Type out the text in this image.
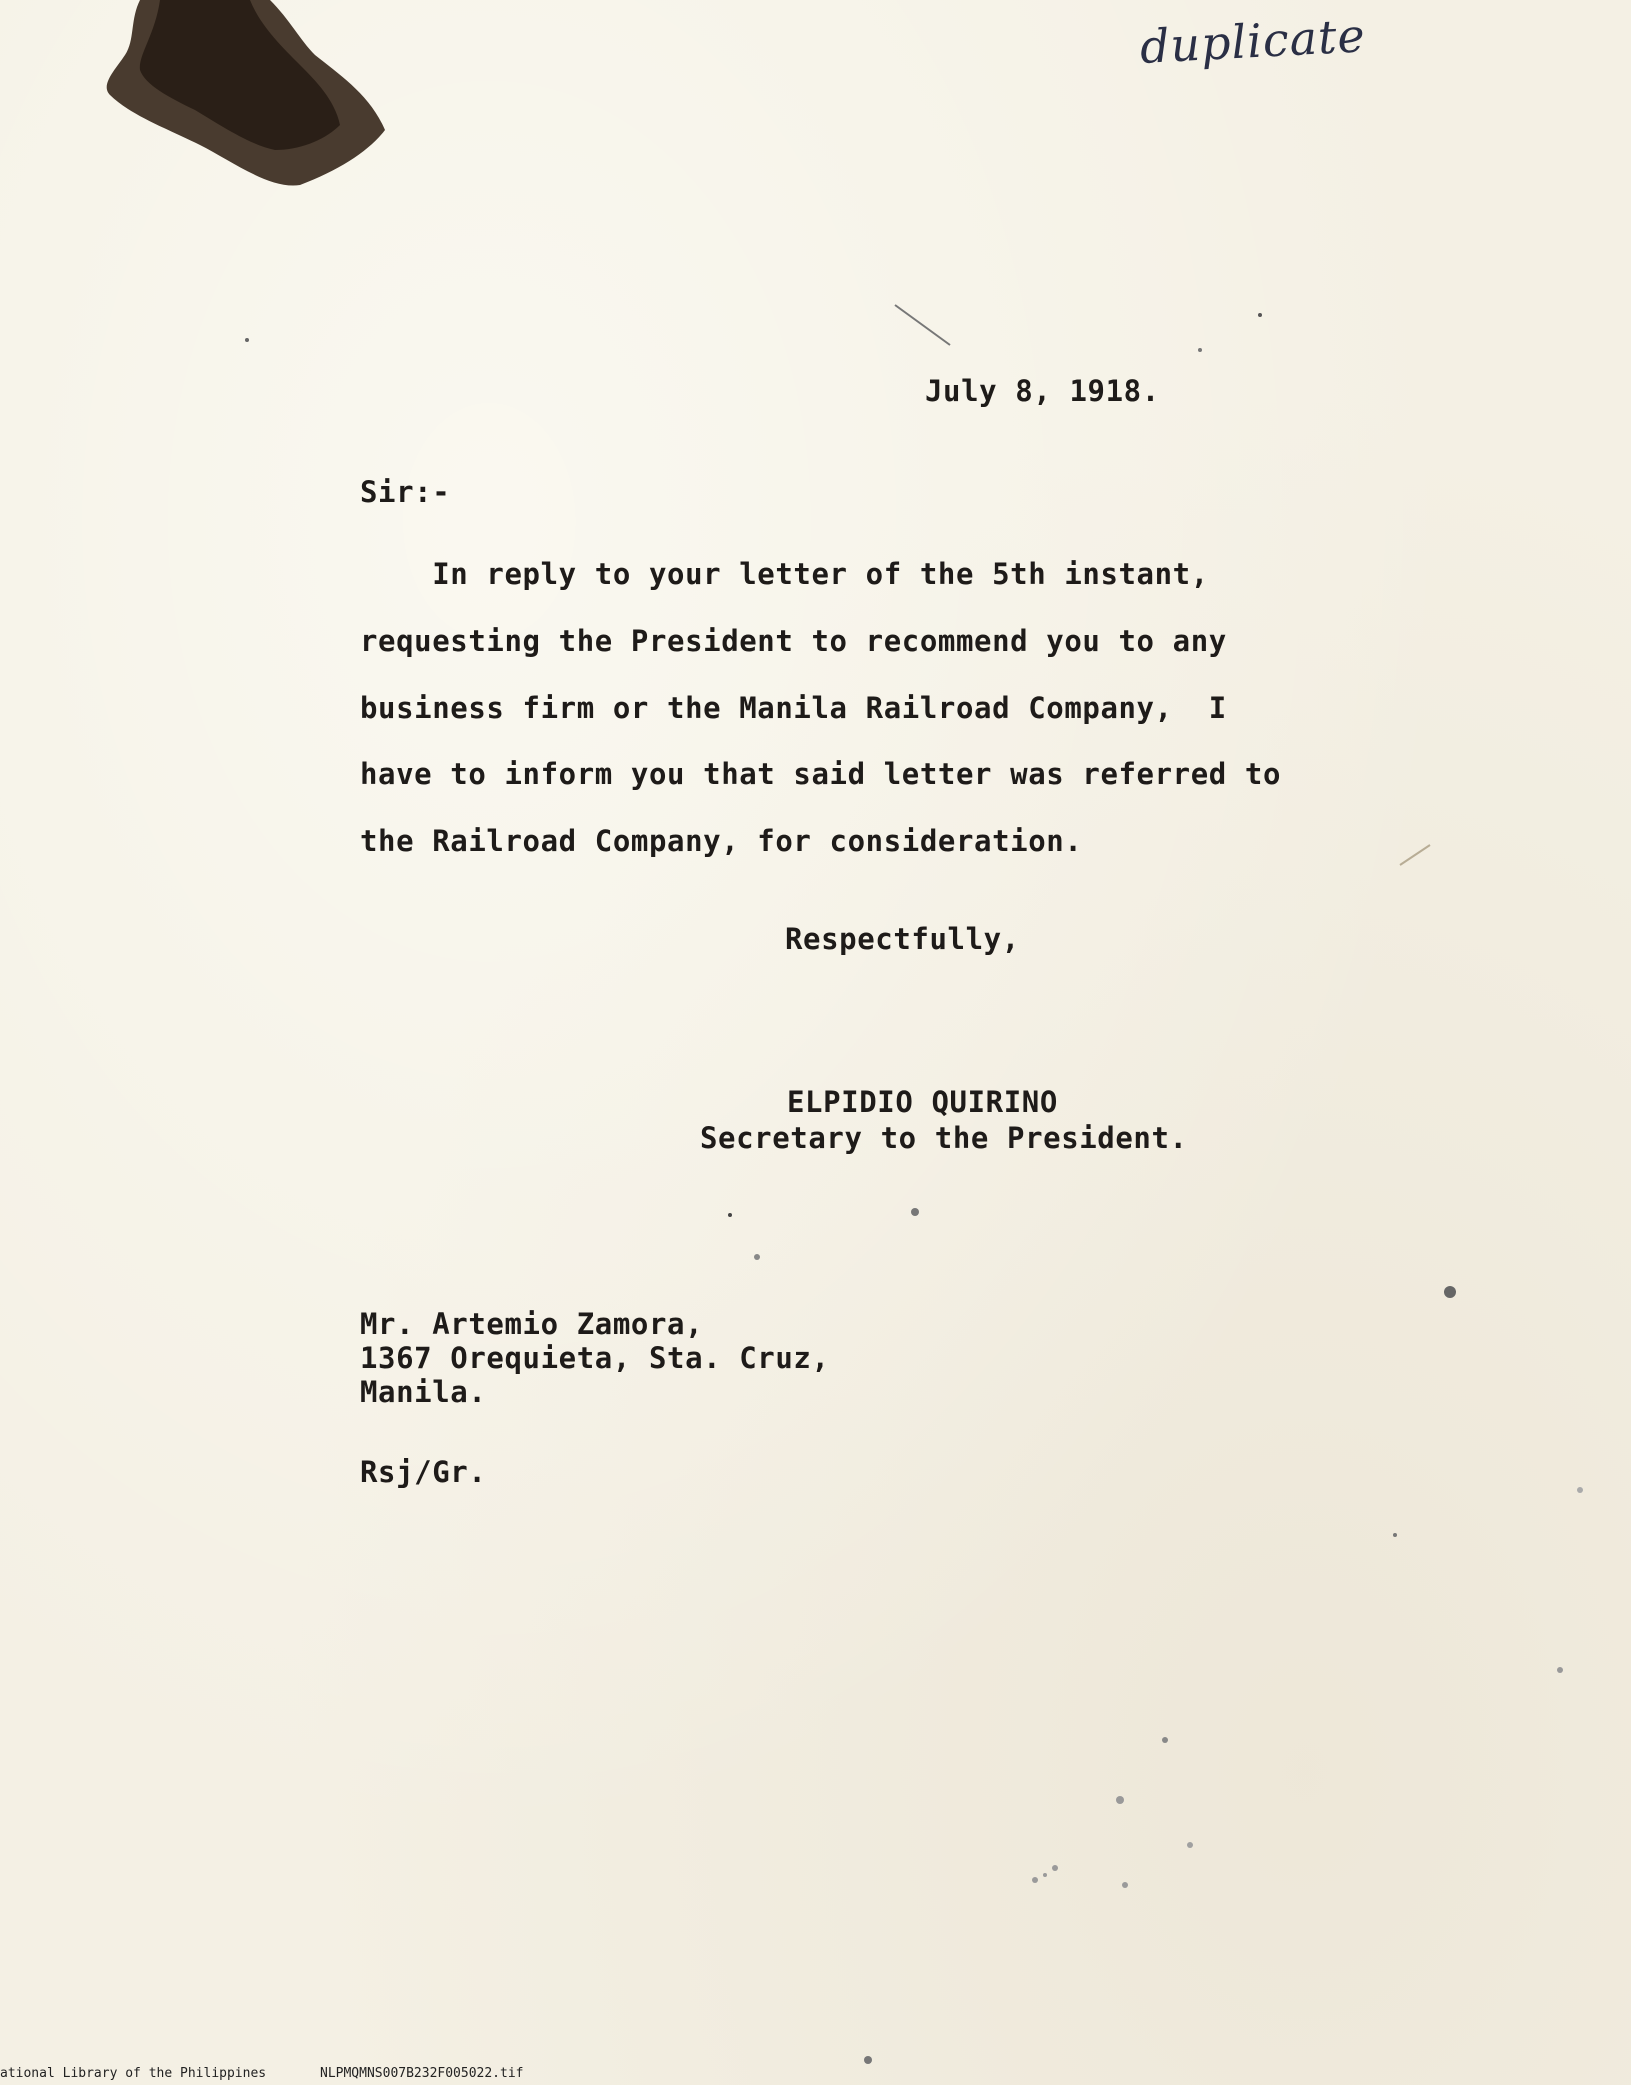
duplicate
July 8, 1918.
Sir:-
In reply to your letter of the 5th instant,
requesting the President to recommend you to any
business firm or the Manila Railroad Company,  I
have to inform you that said letter was referred to
the Railroad Company, for consideration.
Respectfully,
ELPIDIO QUIRINO
Secretary to the President.
Mr. Artemio Zamora,
1367 Orequieta, Sta. Cruz,
Manila.
Rsj/Gr.
ational Library of the Philippines	NLPMQMNS007B232F005022.tif
